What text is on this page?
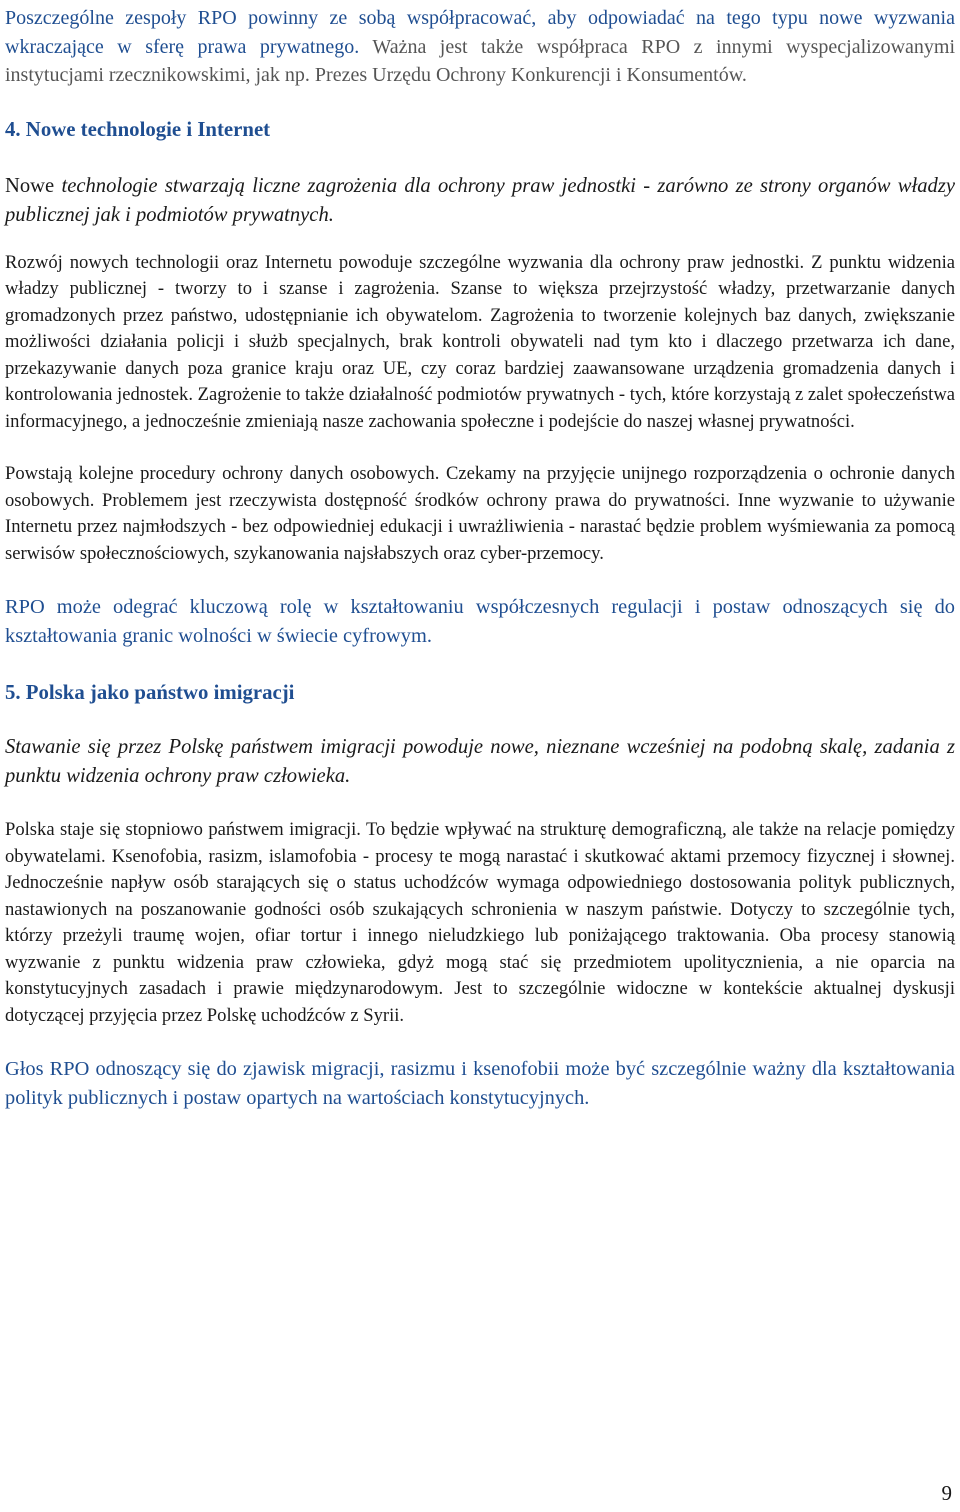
Poszczególne zespoły RPO powinny ze sobą współpracować, aby odpowiadać na tego typu nowe wyzwania wkraczające w sferę prawa prywatnego. Ważna jest także współpraca RPO z innymi wyspecjalizowanymi instytucjami rzecznikowskimi, jak np. Prezes Urzędu Ochrony Konkurencji i Konsumentów.

4. Nowe technologie i Internet

Nowe technologie stwarzają liczne zagrożenia dla ochrony praw jednostki - zarówno ze strony organów władzy publicznej jak i podmiotów prywatnych.

Rozwój nowych technologii oraz Internetu powoduje szczególne wyzwania dla ochrony praw jednostki. Z punktu widzenia władzy publicznej - tworzy to i szanse i zagrożenia. Szanse to większa przejrzystość władzy, przetwarzanie danych gromadzonych przez państwo, udostępnianie ich obywatelom. Zagrożenia to tworzenie kolejnych baz danych, zwiększanie możliwości działania policji i służb specjalnych, brak kontroli obywateli nad tym kto i dlaczego przetwarza ich dane, przekazywanie danych poza granice kraju oraz UE, czy coraz bardziej zaawansowane urządzenia gromadzenia danych i kontrolowania jednostek. Zagrożenie to także działalność podmiotów prywatnych - tych, które korzystają z zalet społeczeństwa informacyjnego, a jednocześnie zmieniają nasze zachowania społeczne i podejście do naszej własnej prywatności.

Powstają kolejne procedury ochrony danych osobowych. Czekamy na przyjęcie unijnego rozporządzenia o ochronie danych osobowych. Problemem jest rzeczywista dostępność środków ochrony prawa do prywatności. Inne wyzwanie to używanie Internetu przez najmłodszych - bez odpowiedniej edukacji i uwrażliwienia - narastać będzie problem wyśmiewania za pomocą serwisów społecznościowych, szykanowania najsłabszych oraz cyber-przemocy.

RPO może odegrać kluczową rolę w kształtowaniu współczesnych regulacji i postaw odnoszących się do kształtowania granic wolności w świecie cyfrowym.

5. Polska jako państwo imigracji

Stawanie się przez Polskę państwem imigracji powoduje nowe, nieznane wcześniej na podobną skalę, zadania z punktu widzenia ochrony praw człowieka.

Polska staje się stopniowo państwem imigracji. To będzie wpływać na strukturę demograficzną, ale także na relacje pomiędzy obywatelami. Ksenofobia, rasizm, islamofobia - procesy te mogą narastać i skutkować aktami przemocy fizycznej i słownej. Jednocześnie napływ osób starających się o status uchodźców wymaga odpowiedniego dostosowania polityk publicznych, nastawionych na poszanowanie godności osób szukających schronienia w naszym państwie. Dotyczy to szczególnie tych, którzy przeżyli traumę wojen, ofiar tortur i innego nieludzkiego lub poniżającego traktowania. Oba procesy stanowią wyzwanie z punktu widzenia praw człowieka, gdyż mogą stać się przedmiotem upolitycznienia, a nie oparcia na konstytucyjnych zasadach i prawie międzynarodowym. Jest to szczególnie widoczne w kontekście aktualnej dyskusji dotyczącej przyjęcia przez Polskę uchodźców z Syrii.

Głos RPO odnoszący się do zjawisk migracji, rasizmu i ksenofobii może być szczególnie ważny dla kształtowania polityk publicznych i postaw opartych na wartościach konstytucyjnych.

9
